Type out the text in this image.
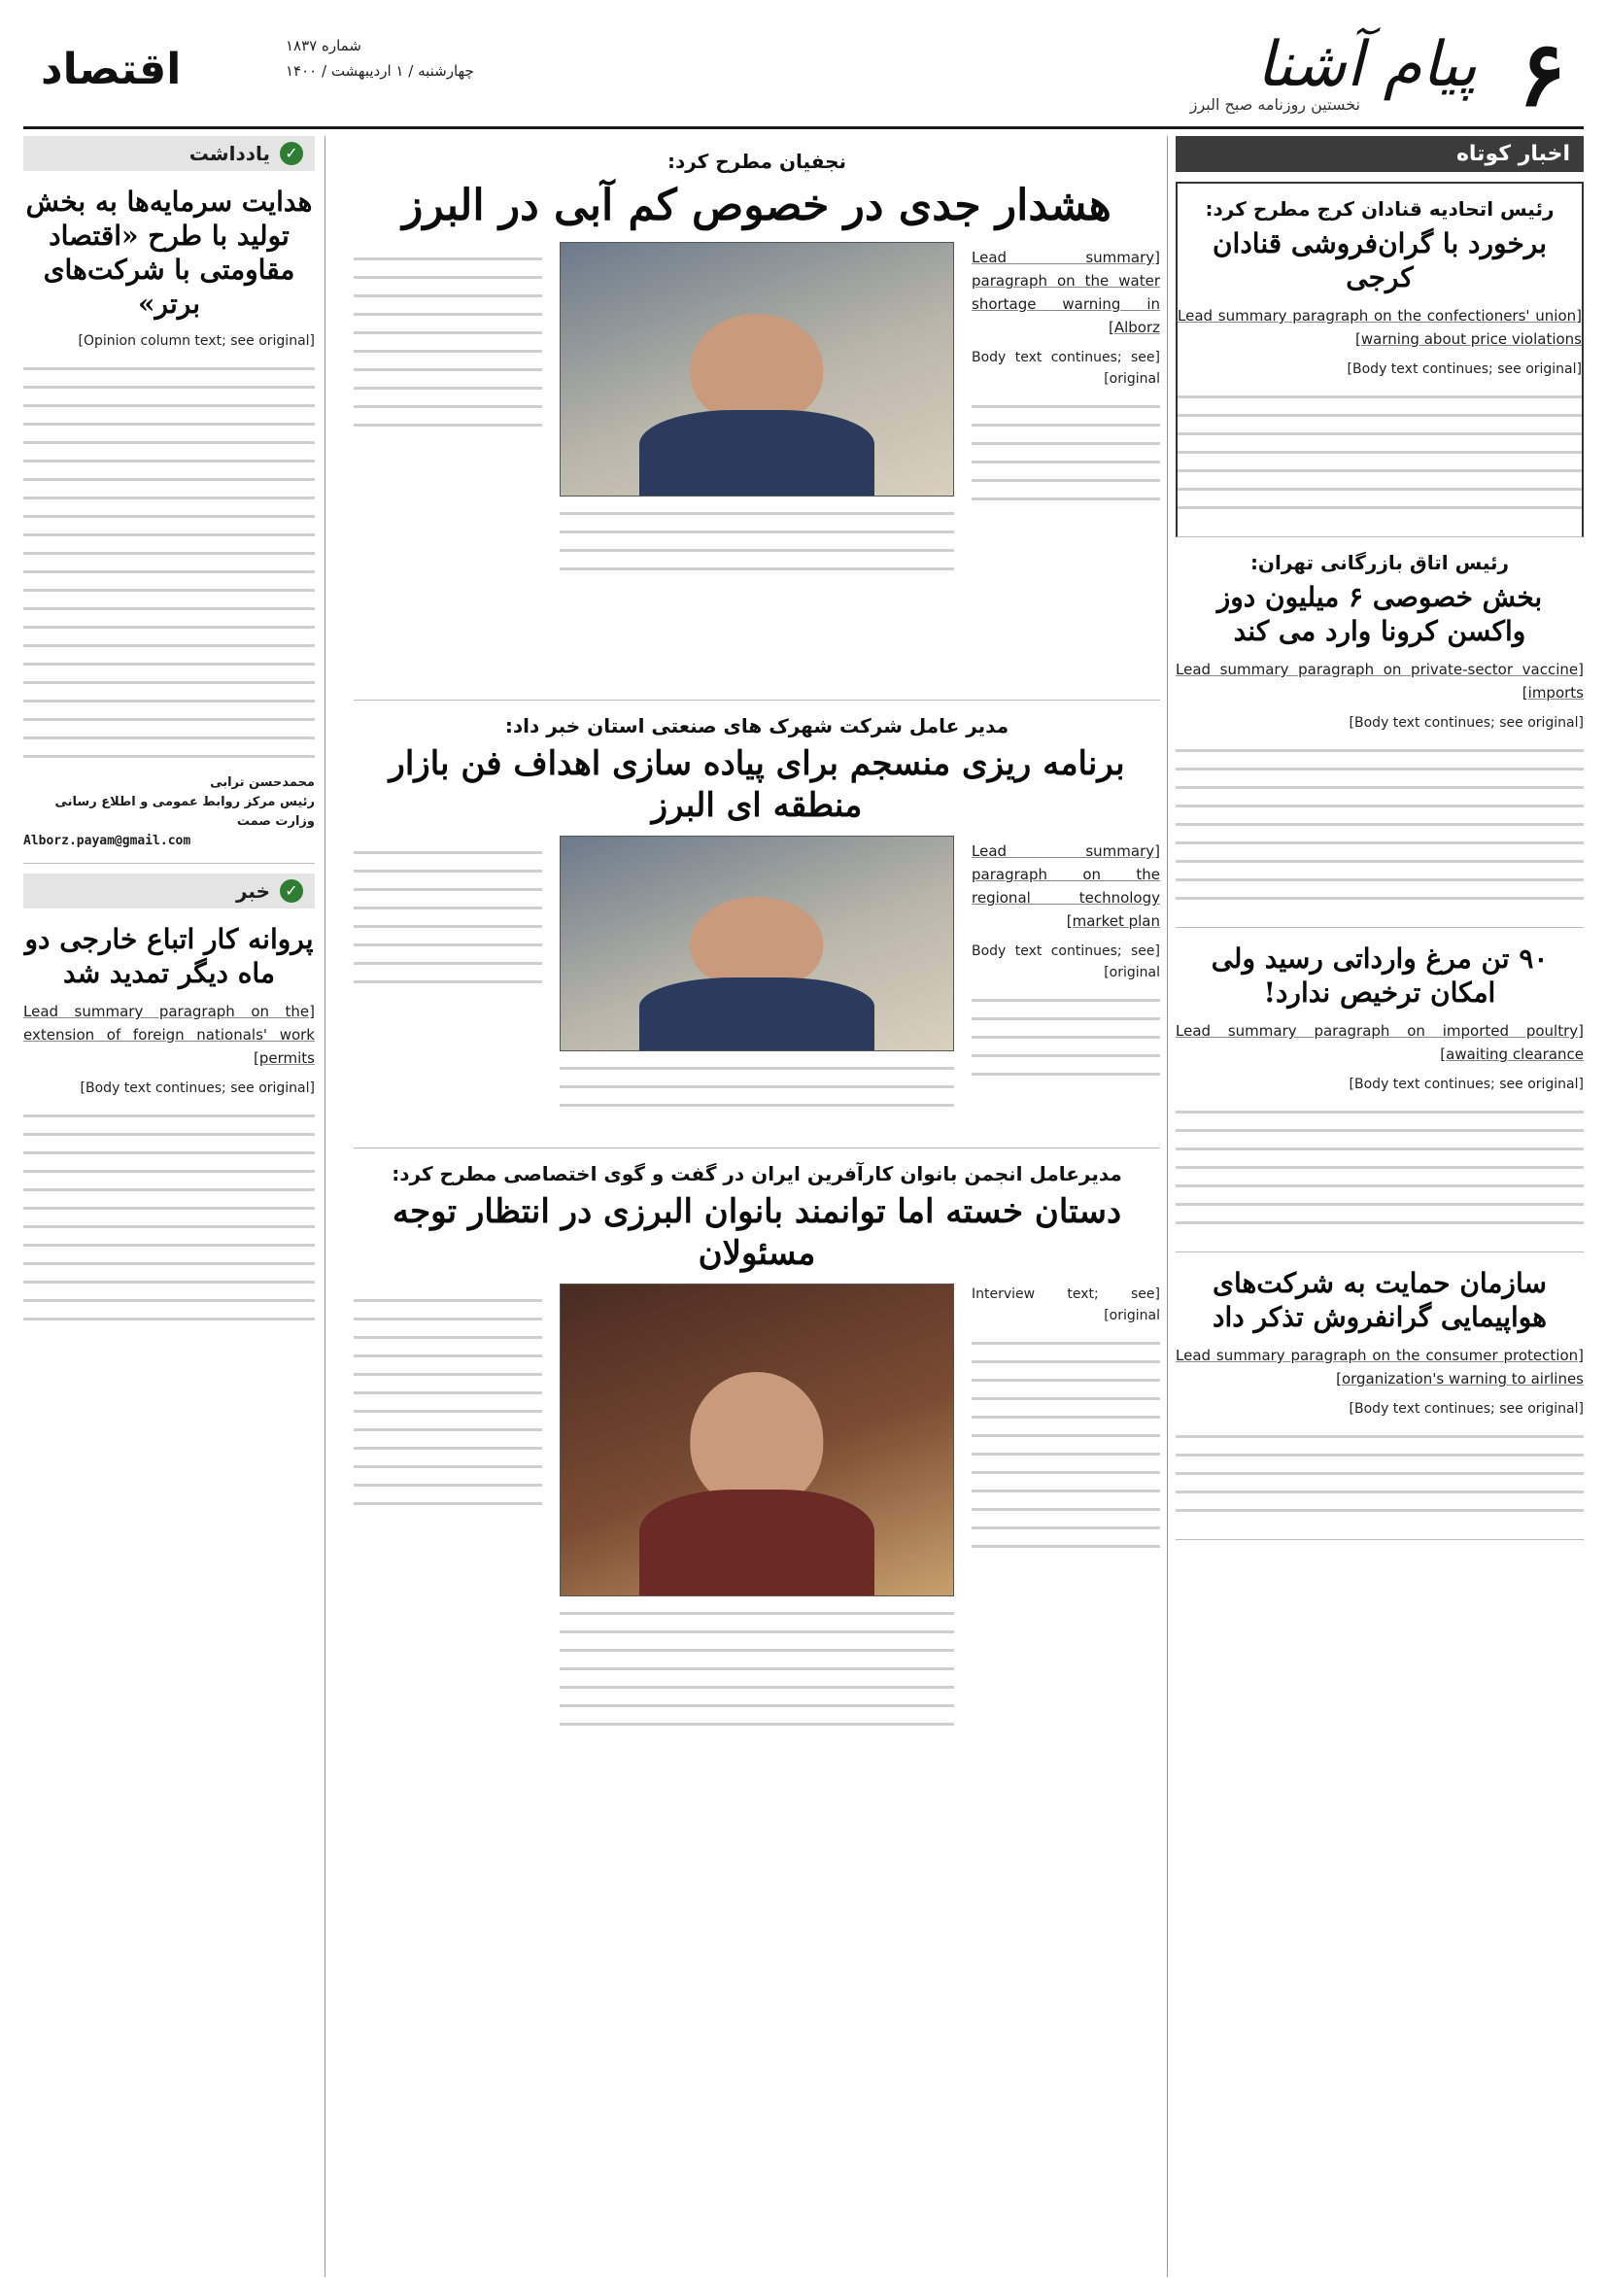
۶
پیام آشنا
نخستین روزنامه صبح البرز
شماره ۱۸۳۷
چهارشنبه / ۱ اردیبهشت / ۱۴۰۰
اقتصاد
اخبار کوتاه
رئیس اتحادیه قنادان کرج مطرح کرد:
برخورد با گران‌فروشی قنادان کرجی
[Lead summary paragraph on the confectioners' union warning about price violations]
[Body text continues; see original]
رئیس اتاق بازرگانی تهران:
بخش خصوصی ۶ میلیون دوز واکسن کرونا وارد می کند
[Lead summary paragraph on private-sector vaccine imports]
[Body text continues; see original]
۹۰ تن مرغ وارداتی رسید ولی امکان ترخیص ندارد!
[Lead summary paragraph on imported poultry awaiting clearance]
[Body text continues; see original]
سازمان حمایت به شرکت‌های هواپیمایی گرانفروش تذکر داد
[Lead summary paragraph on the consumer protection organization's warning to airlines]
[Body text continues; see original]
نجفیان مطرح کرد:
هشدار جدی در خصوص کم آبی در البرز
[Lead summary paragraph on the water shortage warning in Alborz]
[Body text continues; see original]
مدیر عامل شرکت شهرک های صنعتی استان خبر داد:
برنامه ریزی منسجم برای پیاده سازی اهداف فن بازار منطقه ای البرز
[Lead summary paragraph on the regional technology market plan]
[Body text continues; see original]
مدیرعامل انجمن بانوان کارآفرین ایران در گفت و گوی اختصاصی مطرح کرد:
دستان خسته اما توانمند بانوان البرزی در انتظار توجه مسئولان
[Interview text; see original]
✓
یادداشت
هدایت سرمایه‌ها به بخش تولید با طرح «اقتصاد مقاومتی با شرکت‌های برتر»
[Opinion column text; see original]
محمدحسن ترابی
رئیس مرکز روابط عمومی و اطلاع رسانی وزارت صمت
Alborz.payam@gmail.com
✓
خبر
پروانه کار اتباع خارجی دو ماه دیگر تمدید شد
[Lead summary paragraph on the extension of foreign nationals' work permits]
[Body text continues; see original]
